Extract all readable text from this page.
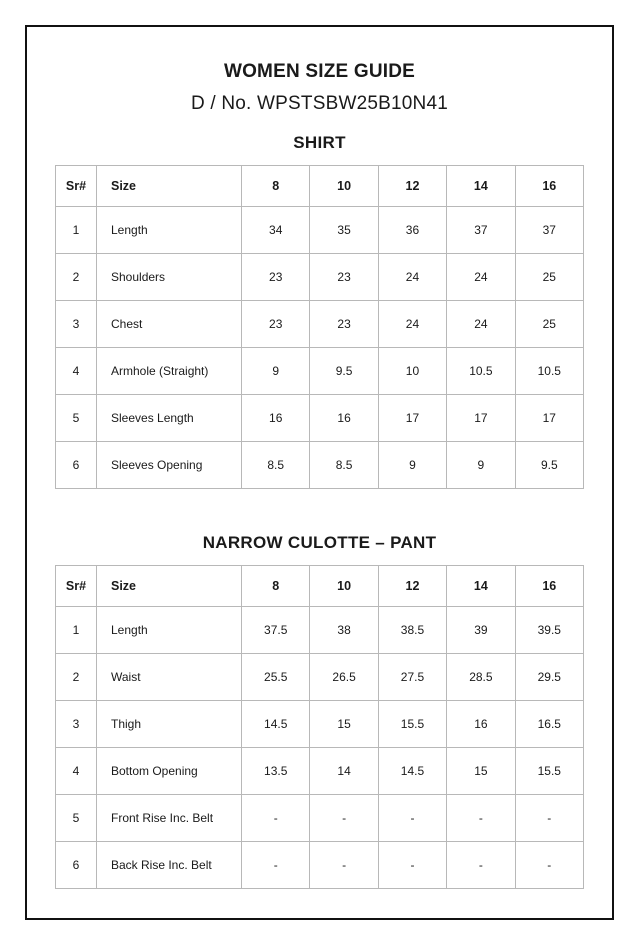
WOMEN SIZE GUIDE
D / No. WPSTSBW25B10N41
SHIRT
Sr#	Size	8	10	12	14	16
1	Length	34	35	36	37	37
2	Shoulders	23	23	24	24	25
3	Chest	23	23	24	24	25
4	Armhole (Straight)	9	9.5	10	10.5	10.5
5	Sleeves Length	16	16	17	17	17
6	Sleeves Opening	8.5	8.5	9	9	9.5
NARROW CULOTTE – PANT
Sr#	Size	8	10	12	14	16
1	Length	37.5	38	38.5	39	39.5
2	Waist	25.5	26.5	27.5	28.5	29.5
3	Thigh	14.5	15	15.5	16	16.5
4	Bottom Opening	13.5	14	14.5	15	15.5
5	Front Rise Inc. Belt	-	-	-	-	-
6	Back Rise Inc. Belt	-	-	-	-	-
